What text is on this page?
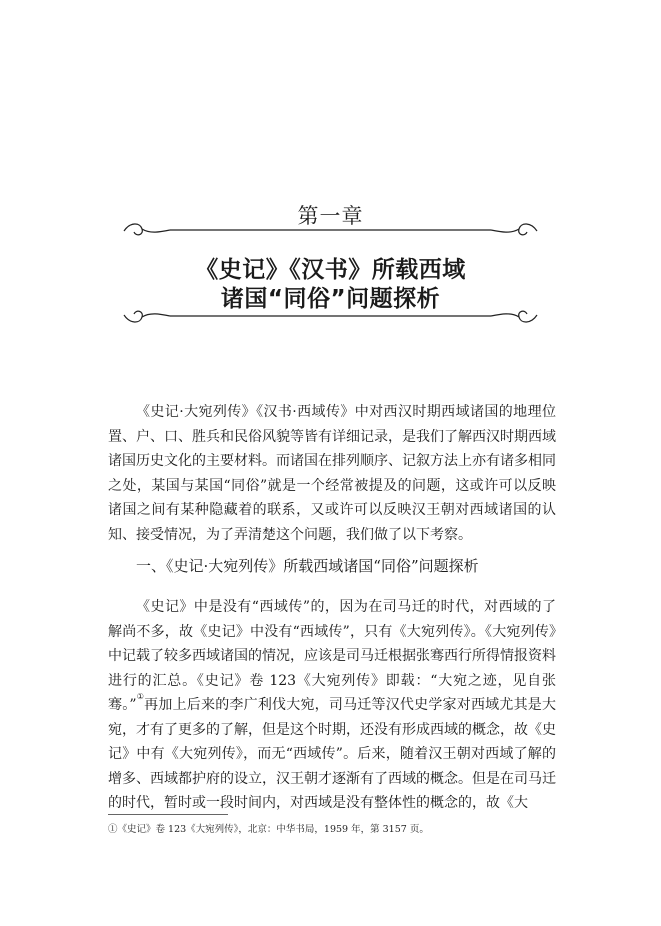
第一章
《史记》《汉书》所载西域
诸国“同俗”问题探析

《史记·大宛列传》《汉书·西域传》中对西汉时期西域诸国的地理位置、户、口、胜兵和民俗风貌等皆有详细记录，是我们了解西汉时期西域诸国历史文化的主要材料。而诸国在排列顺序、记叙方法上亦有诸多相同之处，某国与某国“同俗”就是一个经常被提及的问题，这或许可以反映诸国之间有某种隐藏着的联系，又或许可以反映汉王朝对西域诸国的认知、接受情况，为了弄清楚这个问题，我们做了以下考察。

一、《史记·大宛列传》所载西域诸国“同俗”问题探析

《史记》中是没有“西域传”的，因为在司马迁的时代，对西域的了解尚不多，故《史记》中没有“西域传”，只有《大宛列传》。《大宛列传》中记载了较多西域诸国的情况，应该是司马迁根据张骞西行所得情报资料进行的汇总。《史记》卷 123《大宛列传》即载：“大宛之迹，见自张骞。”①再加上后来的李广利伐大宛，司马迁等汉代史学家对西域尤其是大宛，才有了更多的了解，但是这个时期，还没有形成西域的概念，故《史记》中有《大宛列传》，而无“西域传”。后来，随着汉王朝对西域了解的增多、西域都护府的设立，汉王朝才逐渐有了西域的概念。但是在司马迁的时代，暂时或一段时间内，对西域是没有整体性的概念的，故《大

①《史记》卷 123《大宛列传》，北京：中华书局，1959 年，第 3157 页。
